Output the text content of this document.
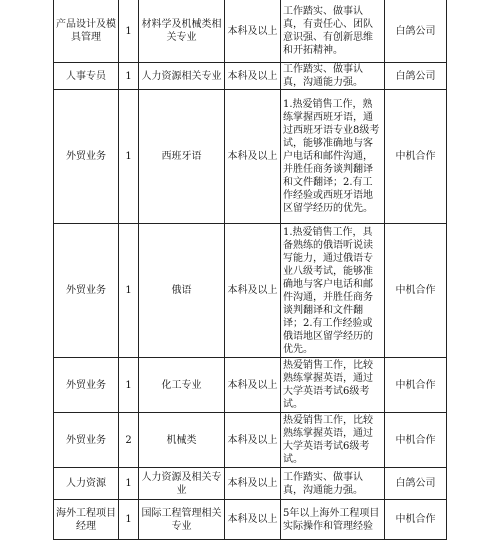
产品设计及模具管理	1	材料学及机械类相关专业	本科及以上	工作踏实、做事认真，有责任心、团队意识强、有创新思维和开拓精神。	白鸽公司
人事专员	1	人力资源相关专业	本科及以上	工作踏实、做事认真，沟通能力强。	白鸽公司
外贸业务	1	西班牙语	本科及以上	1.热爱销售工作，熟练掌握西班牙语，通过西班牙语专业8级考试，能够准确地与客户电话和邮件沟通，并胜任商务谈判翻译和文件翻译；2.有工作经验或西班牙语地区留学经历的优先。	中机合作
外贸业务	1	俄语	本科及以上	1.热爱销售工作，具备熟练的俄语听说读写能力，通过俄语专业八级考试，能够准确地与客户电话和邮件沟通，并胜任商务谈判翻译和文件翻译；2.有工作经验或俄语地区留学经历的优先。	中机合作
外贸业务	1	化工专业	本科及以上	热爱销售工作，比较熟练掌握英语，通过大学英语考试6级考试。	中机合作
外贸业务	2	机械类	本科及以上	热爱销售工作，比较熟练掌握英语，通过大学英语考试6级考试。	中机合作
人力资源	1	人力资源及相关专业	本科及以上	工作踏实、做事认真，沟通能力强。	白鸽公司
海外工程项目经理	1	国际工程管理相关专业	本科及以上	5年以上海外工程项目实际操作和管理经验	中机合作
